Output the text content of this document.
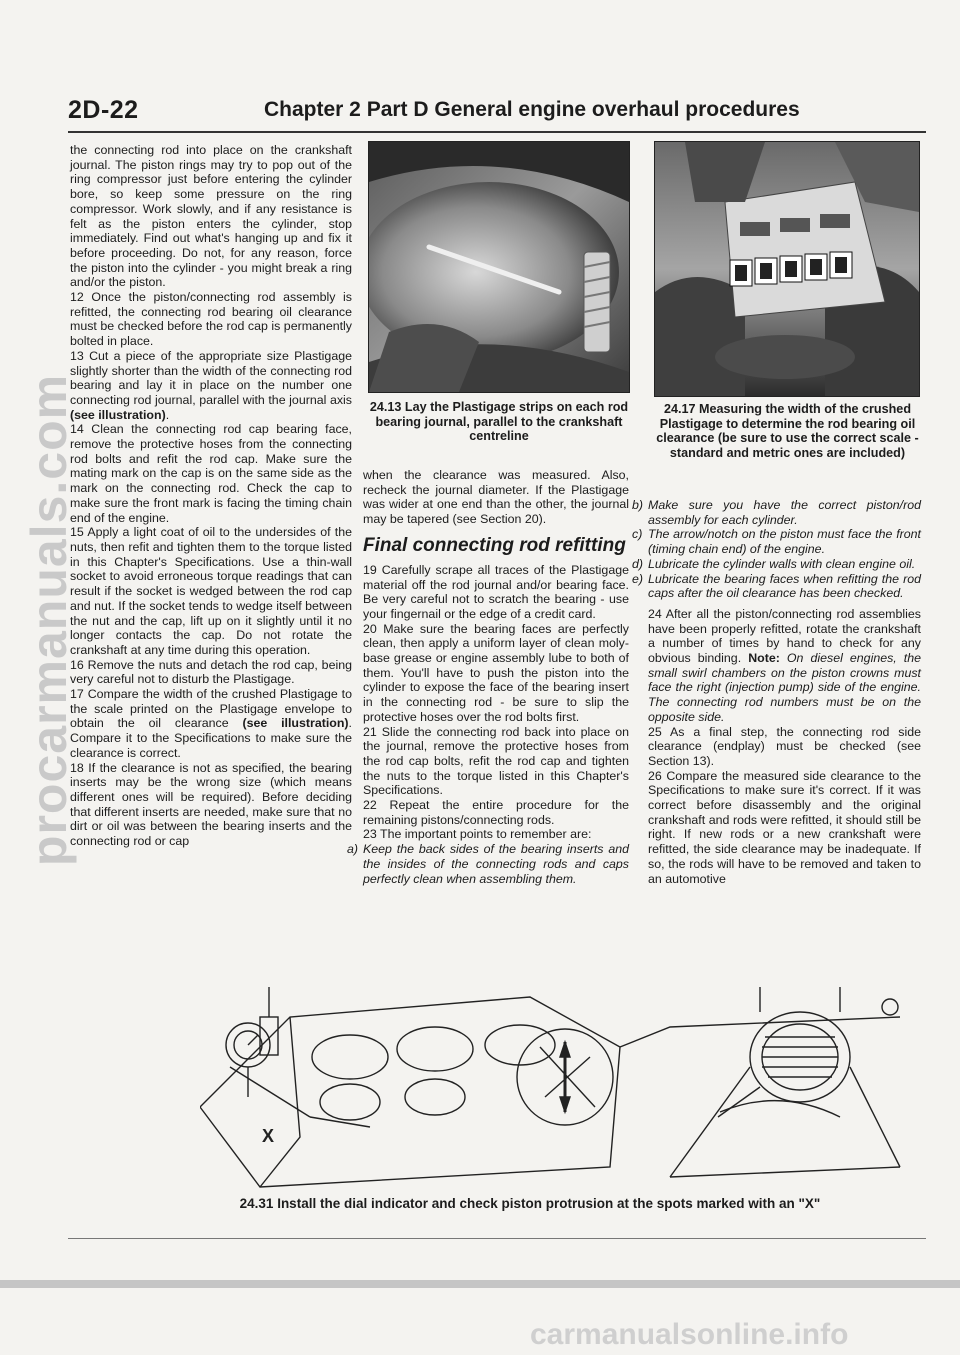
procarmanuals.com
2D-22	Chapter 2 Part D General engine overhaul procedures

the connecting rod into place on the crankshaft journal. The piston rings may try to pop out of the ring compressor just before entering the cylinder bore, so keep some pressure on the ring compressor. Work slowly, and if any resistance is felt as the piston enters the cylinder, stop immediately. Find out what's hanging up and fix it before proceeding. Do not, for any reason, force the piston into the cylinder - you might break a ring and/or the piston.

12 Once the piston/connecting rod assembly is refitted, the connecting rod bearing oil clearance must be checked before the rod cap is permanently bolted in place.

13 Cut a piece of the appropriate size Plastigage slightly shorter than the width of the connecting rod bearing and lay it in place on the number one connecting rod journal, parallel with the journal axis (see illustration).

14 Clean the connecting rod cap bearing face, remove the protective hoses from the connecting rod bolts and refit the rod cap. Make sure the mating mark on the cap is on the same side as the mark on the connecting rod. Check the cap to make sure the front mark is facing the timing chain end of the engine.

15 Apply a light coat of oil to the undersides of the nuts, then refit and tighten them to the torque listed in this Chapter's Specifications. Use a thin-wall socket to avoid erroneous torque readings that can result if the socket is wedged between the rod cap and nut. If the socket tends to wedge itself between the nut and the cap, lift up on it slightly until it no longer contacts the cap. Do not rotate the crankshaft at any time during this operation.

16 Remove the nuts and detach the rod cap, being very careful not to disturb the Plastigage.

17 Compare the width of the crushed Plastigage to the scale printed on the Plastigage envelope to obtain the oil clearance (see illustration). Compare it to the Specifications to make sure the clearance is correct.

18 If the clearance is not as specified, the bearing inserts may be the wrong size (which means different ones will be required). Before deciding that different inserts are needed, make sure that no dirt or oil was between the bearing inserts and the connecting rod or cap

24.13 Lay the Plastigage strips on each rod bearing journal, parallel to the crankshaft centreline
24.17 Measuring the width of the crushed Plastigage to determine the rod bearing oil clearance (be sure to use the correct scale - standard and metric ones are included)

when the clearance was measured. Also, recheck the journal diameter. If the Plastigage was wider at one end than the other, the journal may be tapered (see Section 20).

Final connecting rod refitting

19 Carefully scrape all traces of the Plastigage material off the rod journal and/or bearing face. Be very careful not to scratch the bearing - use your fingernail or the edge of a credit card.

20 Make sure the bearing faces are perfectly clean, then apply a uniform layer of clean moly-base grease or engine assembly lube to both of them. You'll have to push the piston into the cylinder to expose the face of the bearing insert in the connecting rod - be sure to slip the protective hoses over the rod bolts first.

21 Slide the connecting rod back into place on the journal, remove the protective hoses from the rod cap bolts, refit the rod cap and tighten the nuts to the torque listed in this Chapter's Specifications.

22 Repeat the entire procedure for the remaining pistons/connecting rods.

23 The important points to remember are:

a) Keep the back sides of the bearing inserts and the insides of the connecting rods and caps perfectly clean when assembling them.

b) Make sure you have the correct piston/rod assembly for each cylinder.

c) The arrow/notch on the piston must face the front (timing chain end) of the engine.

d) Lubricate the cylinder walls with clean engine oil.

e) Lubricate the bearing faces when refitting the rod caps after the oil clearance has been checked.

24 After all the piston/connecting rod assemblies have been properly refitted, rotate the crankshaft a number of times by hand to check for any obvious binding. Note: On diesel engines, the small swirl chambers on the piston crowns must face the right (injection pump) side of the engine. The connecting rod numbers must be on the opposite side.

25 As a final step, the connecting rod side clearance (endplay) must be checked (see Section 13).

26 Compare the measured side clearance to the Specifications to make sure it's correct. If it was correct before disassembly and the original crankshaft and rods were refitted, it should still be right. If new rods or a new crankshaft were refitted, the side clearance may be inadequate. If so, the rods will have to be removed and taken to an automotive

X
24.31 Install the dial indicator and check piston protrusion at the spots marked with an "X"
carmanualsonline.info
